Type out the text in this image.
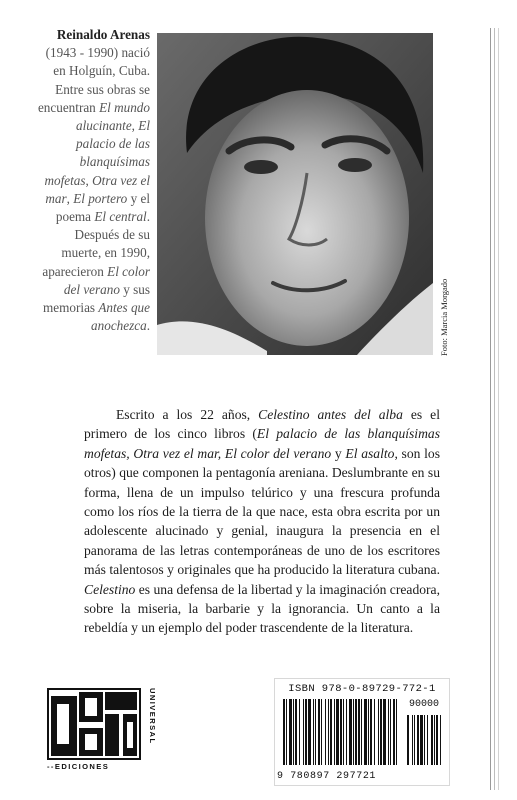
Reinaldo Arenas (1943 - 1990) nació en Holguín, Cuba. Entre sus obras se encuentran El mundo alucinante, El palacio de las blanquísimas mofetas, Otra vez el mar, El portero y el poema El central. Después de su muerte, en 1990, aparecieron El color del verano y sus memorias Antes que anochezca.	Foto: Marcia Morgado

Escrito a los 22 años, Celestino antes del alba es el primero de los cinco libros (El palacio de las blanquísimas mofetas, Otra vez el mar, El color del verano y El asalto, son los otros) que componen la pentagonía areniana. Deslumbrante en su forma, llena de un impulso telúrico y una frescura profunda como los ríos de la tierra de la que nace, esta obra escrita por un adolescente alucinado y genial, inaugura la presencia en el panorama de las letras contemporáneas de uno de los escritores más talentosos y originales que ha producido la literatura cubana. Celestino es una defensa de la libertad y la imaginación creadora, sobre la miseria, la barbarie y la ignorancia. Un canto a la rebeldía y un ejemplo del poder trascendente de la literatura.

--EDICIONES
UNIVERSAL	ISBN 978-0-89729-772-1
90000
9 780897 297721
